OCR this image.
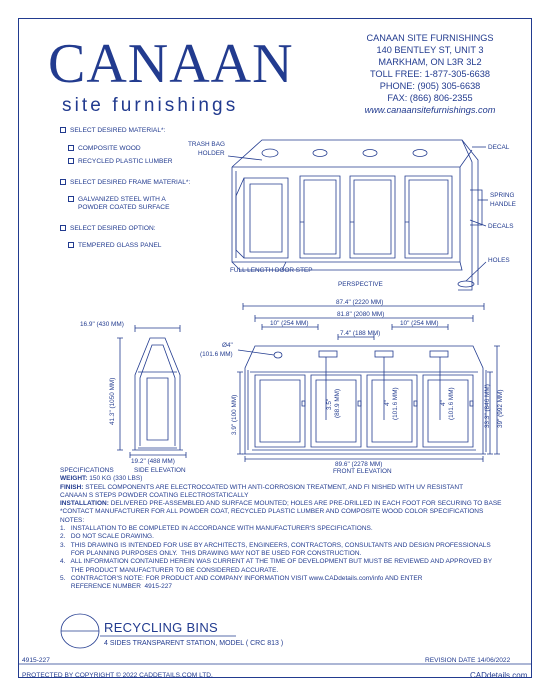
CANAAN
site furnishings
CANAAN SITE FURNISHINGS
140 BENTLEY ST, UNIT 3
MARKHAM, ON L3R 3L2
TOLL FREE: 1-877-305-6638
PHONE: (905) 305-6638
FAX: (866) 806-2355
www.canaansitefurnishings.com
SELECT DESIRED MATERIAL*:
COMPOSITE WOOD
RECYCLED PLASTIC LUMBER
SELECT DESIRED FRAME MATERIAL*:
GALVANIZED STEEL WITH A
POWDER COATED SURFACE
SELECT DESIRED OPTION:
TEMPERED GLASS PANEL
TRASH BAG
HOLDER
DECAL
SPRING
HANDLE
DECALS
HOLES
FULL LENGTH DOOR STEP
PERSPECTIVE
16.9" (430 MM)
41.3" (1050 MM)
19.2" (488 MM)
SIDE ELEVATION
87.4" (2220 MM)
81.8" (2080 MM)
10" (254 MM)
7.4" (188 MM)
10" (254 MM)
Ø4"
(101.6 MM)
3.9" (100 MM)	3.5" (88.9 MM)	4" (101.6 MM)	4" (101.6 MM)	33.3" (846 MM) 39" (992 MM)
89.6" (2278 MM)
FRONT ELEVATION
SPECIFICATIONS
WEIGHT: 150 KG (330 LBS)
FINISH: STEEL COMPONENTS ARE ELECTROCOATED WITH ANTI-CORROSION TREATMENT, AND FI NISHED WITH UV RESISTANT
CANAAN S STEPS POWDER COATING ELECTROSTATICALLY
INSTALLATION: DELIVERED PRE-ASSEMBLED AND SURFACE MOUNTED; HOLES ARE PRE-DRILLED IN EACH FOOT FOR SECURING TO BASE
*CONTACT MANUFACTURER FOR ALL POWDER COAT, RECYCLED PLASTIC LUMBER AND COMPOSITE WOOD COLOR SPECIFICATIONS
NOTES:
1.   INSTALLATION TO BE COMPLETED IN ACCORDANCE WITH MANUFACTURER'S SPECIFICATIONS.
2.   DO NOT SCALE DRAWING.
3.   THIS DRAWING IS INTENDED FOR USE BY ARCHITECTS, ENGINEERS, CONTRACTORS, CONSULTANTS AND DESIGN PROFESSIONALS
FOR PLANNING PURPOSES ONLY.  THIS DRAWING MAY NOT BE USED FOR CONSTRUCTION.
4.   ALL INFORMATION CONTAINED HEREIN WAS CURRENT AT THE TIME OF DEVELOPMENT BUT MUST BE REVIEWED AND APPROVED BY
THE PRODUCT MANUFACTURER TO BE CONSIDERED ACCURATE.
5.   CONTRACTOR'S NOTE: FOR PRODUCT AND COMPANY INFORMATION VISIT www.CADdetails.com/info AND ENTER
REFERENCE NUMBER  4915-227
RECYCLING BINS
4 SIDES TRANSPARENT STATION, MODEL ( CRC 813 )
4915-227	REVISION DATE 14/06/2022
PROTECTED BY COPYRIGHT © 2022 CADDETAILS.COM LTD.	CADdetails.com
